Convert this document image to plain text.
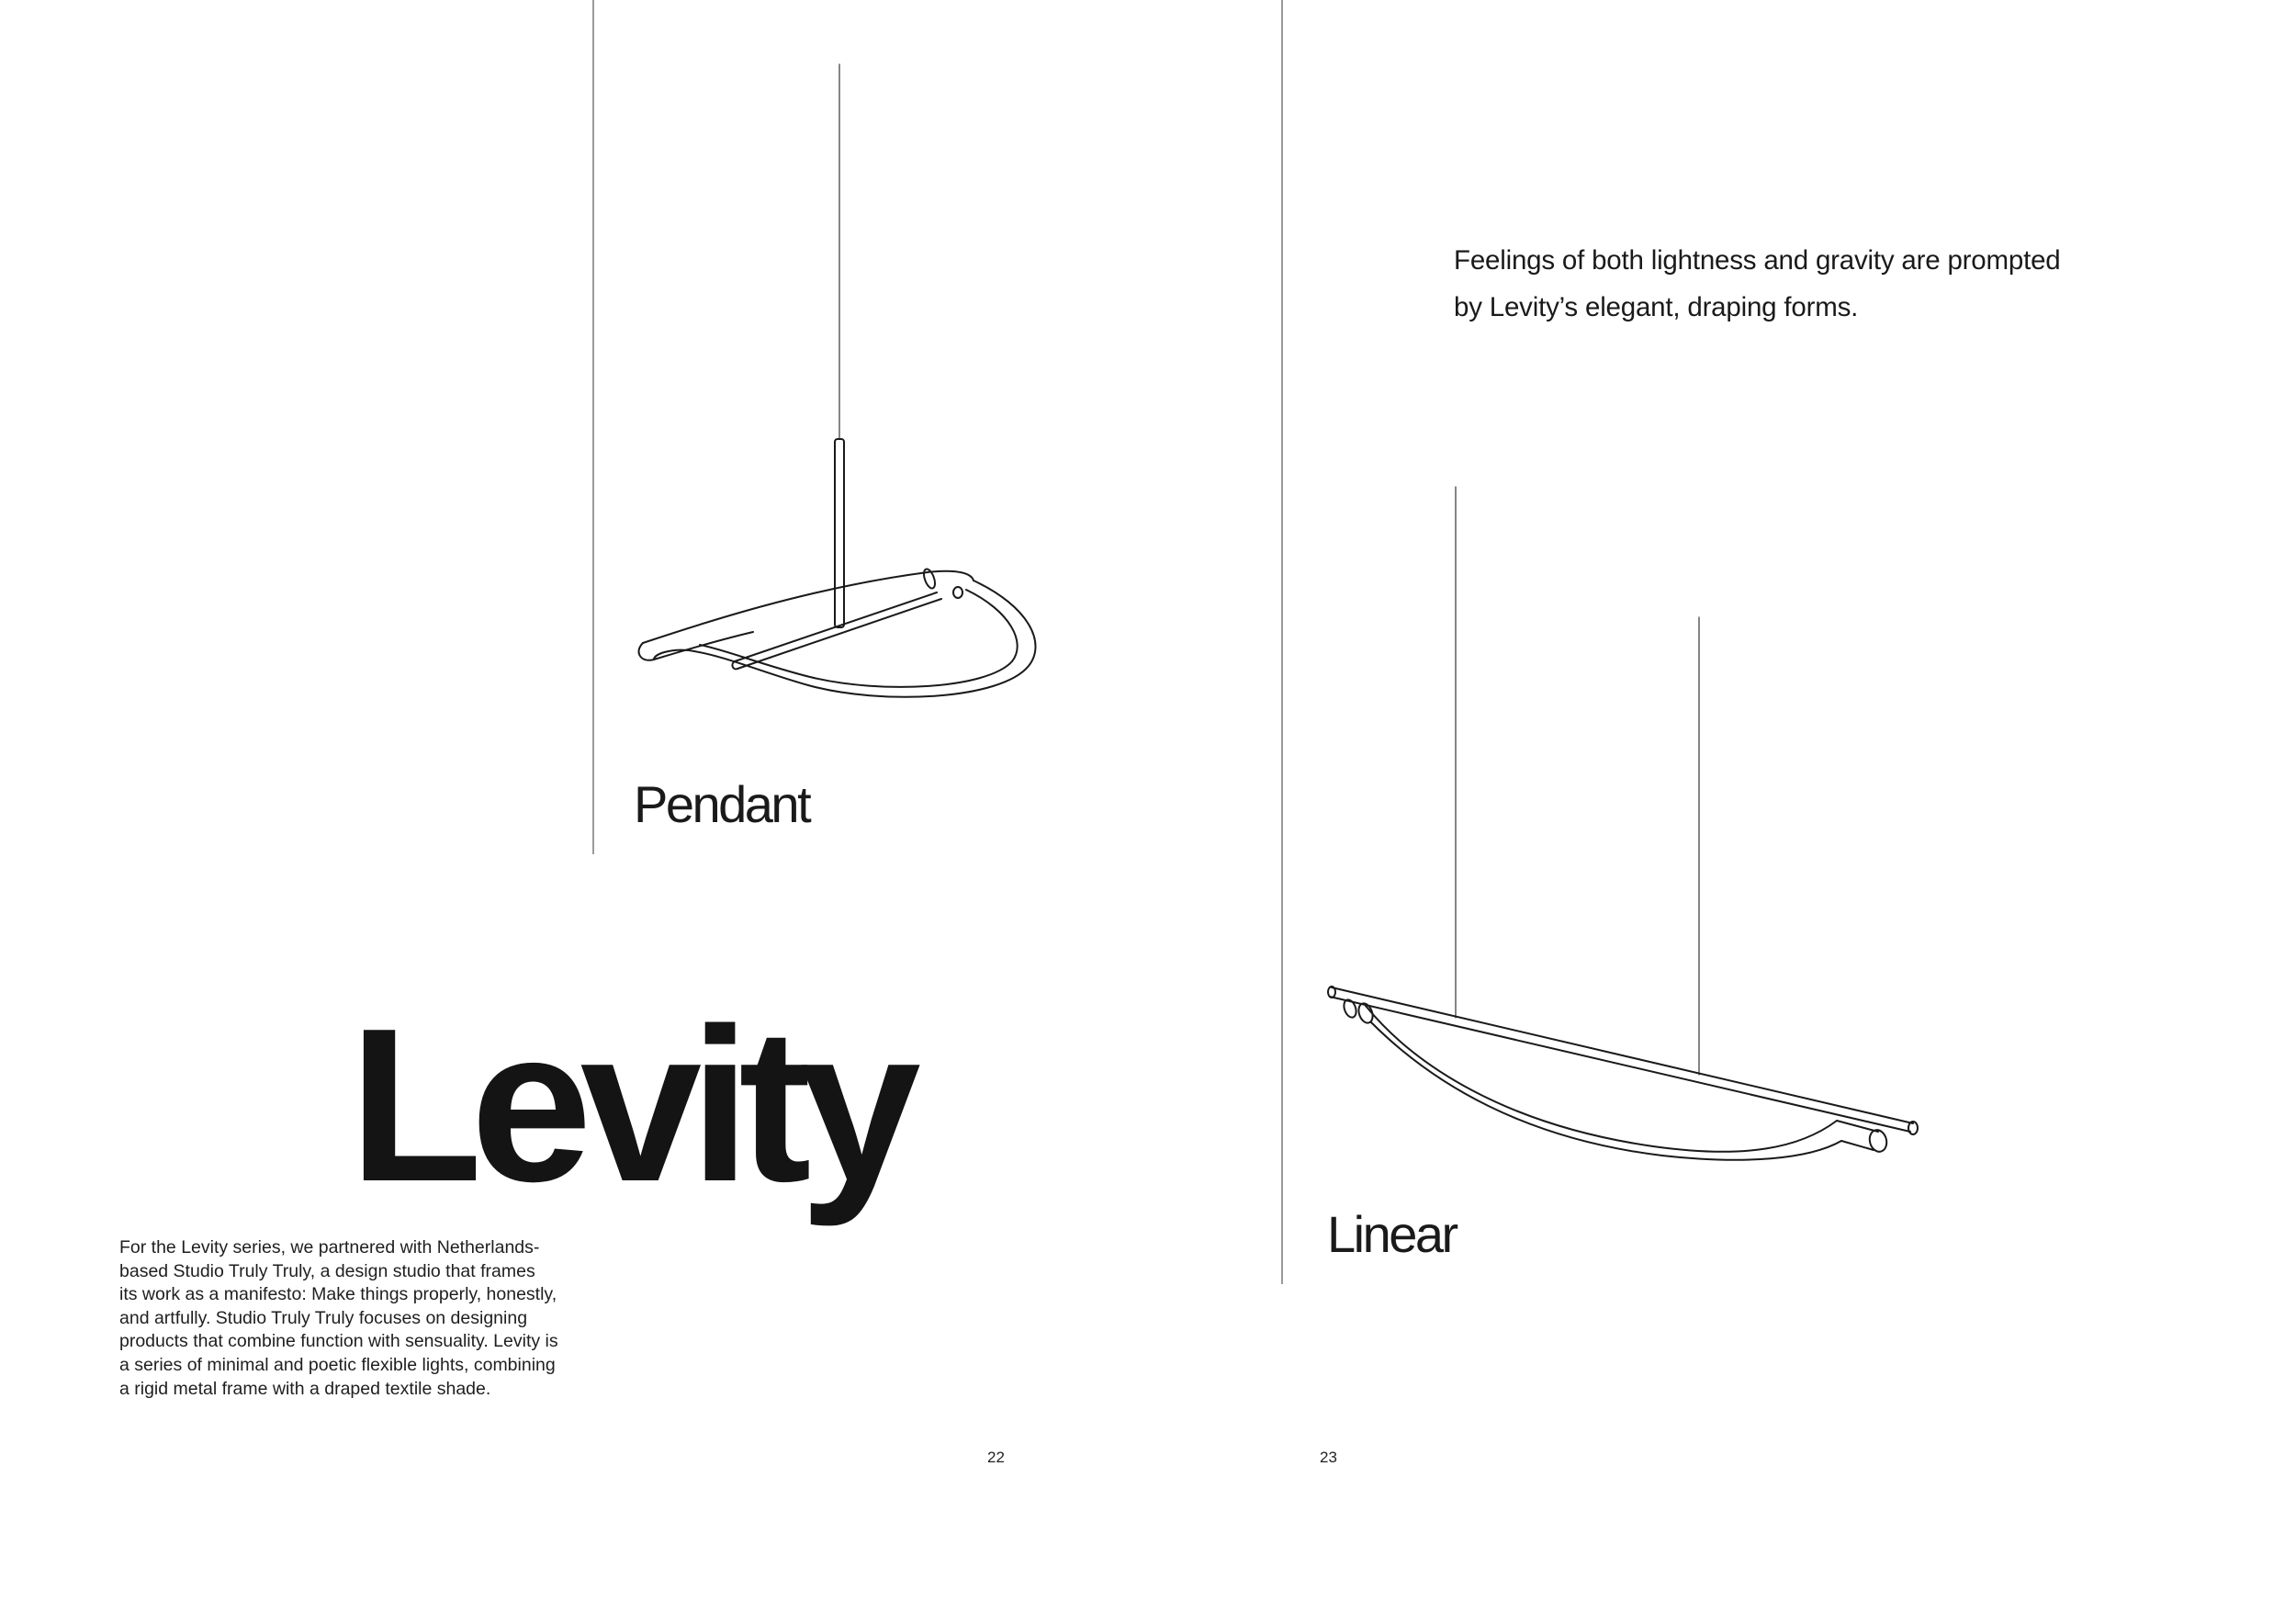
Pendant
Levity
For the Levity series, we partnered with Netherlands-
based Studio Truly Truly, a design studio that frames
its work as a manifesto: Make things properly, honestly,
and artfully. Studio Truly Truly focuses on designing
products that combine function with sensuality. Levity is
a series of minimal and poetic flexible lights, combining
a rigid metal frame with a draped textile shade.
Feelings of both lightness and gravity are prompted
by Levity’s elegant, draping forms.
Linear
22	23
